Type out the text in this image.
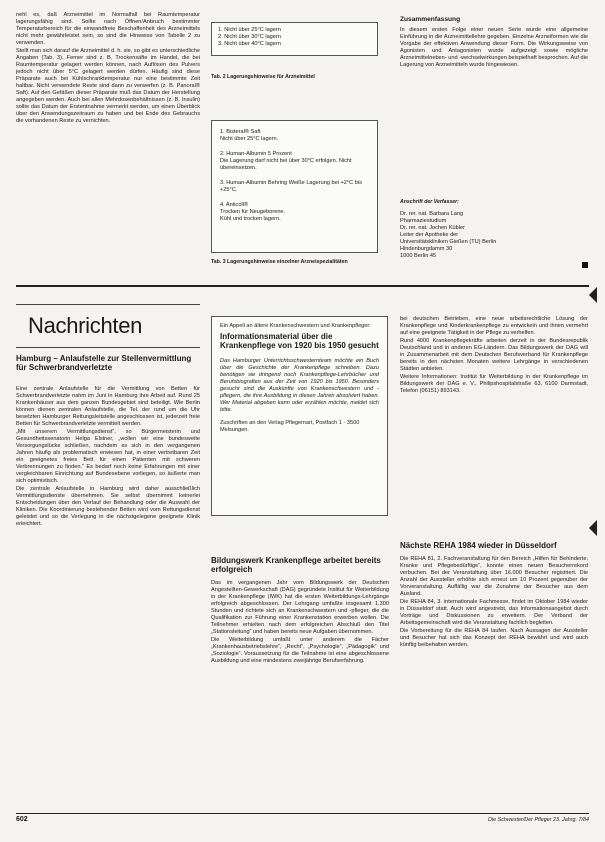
nehl es, daß Arzneimittel im Normalfall bei Raumtemperatur lagerungsfähig sind. Sollte nach Öffnen/Anbruch bestimmter Temperaturbereich für die einwandfreie Beschaffenheit des Arzneimittels nicht mehr gewährleistet sein, so sind die Hinweise von Tabelle 2 zu verwenden.

Stellt man sich darauf die Arzneimittel d. h. sie, so gibt es unterschiedliche Angaben (Tab. 3). Ferner sind z. B. Trockensäfte im Handel, die bei Raumtemperatur gelagert werden können, nach Auflösen des Pulvers jedoch nicht über 5°C gelagert werden dürfen. Häufig sind diese Präparate auch bei Kühlschranktemperatur nur eine bestimmte Zeit haltbar. Nicht verwendete Reste sind dann zu verwerfen (z. B. Panoral® Saft). Auf den Gefäßen dieser Präparate muß das Datum der Herstellung angegeben werden. Auch bei allen Mehrdosenbehältnissen (z. B. Insulin) sollte das Datum der Erstentnahme vermerkt werden, um einen Überblick über den Anwendungszeitraum zu haben und bei Ende des Gebrauchs die vorhandenen Reste zu vernichten.

1. Nicht über 25°C lagern

2. Nicht über 30°C lagern

3. Nicht über 40°C lagern

Tab. 2 Lagerungshinweise für Arzneimittel

1. Bisteral® Saft
Nicht über 25°C lagern.

2. Human-Albumin 5 Prozent
Die Lagerung darf nicht bei über 30°C erfolgen. Nicht übereinsetzen.

3. Human-Albumin Behring Weiße Lagerung bei +2°C bis +25°C.

4. Anticoll®
Trocken für Neugeborene.
Kühl und trocken lagern.

Tab. 3 Lagerungshinweise einzelner Arzneispezialitäten

Zusammenfassung

In diesem ersten Folge einer neuen Serie wurde eine allgemeine Einführung in die Arzneimittellehre gegeben. Einzelne Arzneiformen wie die Vorgabe der effektiven Anwendung dieser Form. Die Wirkungsweise von Agonisten und Antagonisten wurde aufgezeigt sowie mögliche Arzneimittelneben- und -wechselwirkungen beispielhaft besprochen. Auf die Lagerung von Arzneimitteln wurde hingewiesen.

Anschrift der Verfasser:

Dr. rer. nat. Barbara Lang
Pharmaziestudium
Dr. rer. nat. Jochen Kübler
Leiter der Apotheke der
Universitätskliniken Gießen (TU) Berlin
Hindenburgdamm 30
1000 Berlin 45

Nachrichten
Hamburg – Anlaufstelle zur Stellenvermittlung für Schwerbrandverletzte

Eine zentrale Anlaufstelle für die Vermittlung von Betten für Schwerbrandverletzte nahm im Juni in Hamburg ihre Arbeit auf. Rund 25 Krankenhäuser aus dem ganzen Bundesgebiet sind beteiligt. Wie Berlin können dienen zentralen Anlaufstelle, die Tel. der rund um die Uhr besetzten Hamburger Rettungsleitstelle angeschlossen ist, jederzeit freie Betten für Schwerbrandverletzte vermittelt werden.

„Mit unserem Vermittlungsdienst“, so Bürgermeisterin und Gesundheitssenatorin Helga Elstner, „wollen wir eine bundesweite Versorgungslücke schließen, nachdem es sich in den vergangenen Jahren häufig als problematisch erwiesen hat, in einer vertretbaren Zeit ein geeignetes freies Bett für einen Patienten mit schweren Verbrennungen zu finden.“ Es bedarf noch keine Erfahrungen mit einer vergleichbaren Einrichtung auf Bundesebene vorliegen, so äußerte man sich optimistisch.

Die zentrale Anlaufstelle in Hamburg wird daher ausschließlich Vermittlungsdienste übernehmen. Sie selbst übernimmt keinerlei Entscheidungen über den Verlauf der Behandlung oder die Auswahl der Kliniken. Die Koordinierung bestehender Betten wird vom Rettungsdienst geleistet und so die Verlegung in die nächstgelegene geeignete Klinik erleichtert.

Ein Appell an ältere Krankenschwestern und Krankenpfleger:

Informationsmaterial über die Krankenpflege von 1920 bis 1950 gesucht

Das Hamburger Unterrichtsschwesternteam möchte ein Buch über die Geschichte der Krankenpflege schreiben. Dazu benötigen sie dringend noch Krankenpflege-Lehrbücher und Berufsbiografien aus der Zeit von 1920 bis 1950. Besonders gesucht sind die Auskünfte von Krankenschwestern und -pflegern, die ihre Ausbildung in diesen Jahren absolviert haben. Wer Material abgeben kann oder erzählen möchte, meldet sich bitte.

Zuschriften an den Verlag Pflegemart, Postfach 1 · 3500 Melsungen.

Bildungswerk Krankenpflege arbeitet bereits erfolgreich

Das im vergangenen Jahr vom Bildungswerk der Deutschen Angestellten-Gewerkschaft (DAG) gegründete Institut für Weiterbildung in der Krankenpflege (IWK) hat die ersten Weiterbildungs-Lehrgänge erfolgreich abgeschlossen. Der Lehrgang umfaßte insgesamt 1.300 Stunden und richtete sich an Krankenschwestern und -pfleger, die die Qualifikation zur Führung einer Krankenstation erwerben wollen. Die Teilnehmer erhielten nach dem erfolgreichen Abschluß den Titel „Stationsleitung“ und haben bereits neue Aufgaben übernommen.

Die Weiterbildung umfaßt unter anderem die Fächer „Krankenhausbetriebslehre“, „Recht“, „Psychologie“, „Pädagogik“ und „Soziologie“. Voraussetzung für die Teilnahme ist eine abgeschlossene Ausbildung und eine mindestens zweijährige Berufserfahrung.

bei deutschen Betrieben, eine neue arbeitsrechtliche Lösung der Krankenpflege und Kinderkrankenpflege zu entwickeln und ihnen vermehrt auf eine geeignete Tätigkeit in der Pflege zu verhelfen.

Rund 4000 Krankenpflegekräfte arbeiten derzeit in der Bundesrepublik Deutschland und in anderen EG-Ländern. Das Bildungswerk der DAG will in Zusammenarbeit mit dem Deutschen Berufsverband für Krankenpflege bereits in den nächsten Monaten weitere Lehrgänge in verschiedenen Städten anbieten.

Weitere Informationen: Institut für Weiterbildung in der Krankenpflege im Bildungswerk der DAG e. V., Philipshospitalstraße 63, 6100 Darmstadt, Telefon (06151) 893143.

Nächste REHA 1984 wieder in Düsseldorf

Die REHA 81, 2. Fachveranstaltung für den Bereich „Hilfen für Behinderte, Kranke und Pflegebedürftige“, konnte einen neuen Besucherrekord verbuchen. Bei der Veranstaltung über 16.000 Besucher registriert. Die Anzahl der Aussteller erhöhte sich erneut um 10 Prozent gegenüber der Vorveranstaltung. Auffällig war die Zunahme der Besucher aus dem Ausland.

Die REHA 84, 3. internationale Fachmesse, findet im Oktober 1984 wieder in Düsseldorf statt. Auch wird angestrebt, das Informationsangebot durch Vorträge und Diskussionen zu erweitern. Der Verband der Arbeitsgemeinschaft wird die Veranstaltung fachlich begleiten.

Die Vorbereitung für die REHA 84 laufen. Nach Aussagen der Aussteller und Besucher hat sich das Konzept der REHA bewährt und wird auch künftig beibehalten werden.

602	Die Schwester/Der Pfleger 23. Jahrg. 7/84
